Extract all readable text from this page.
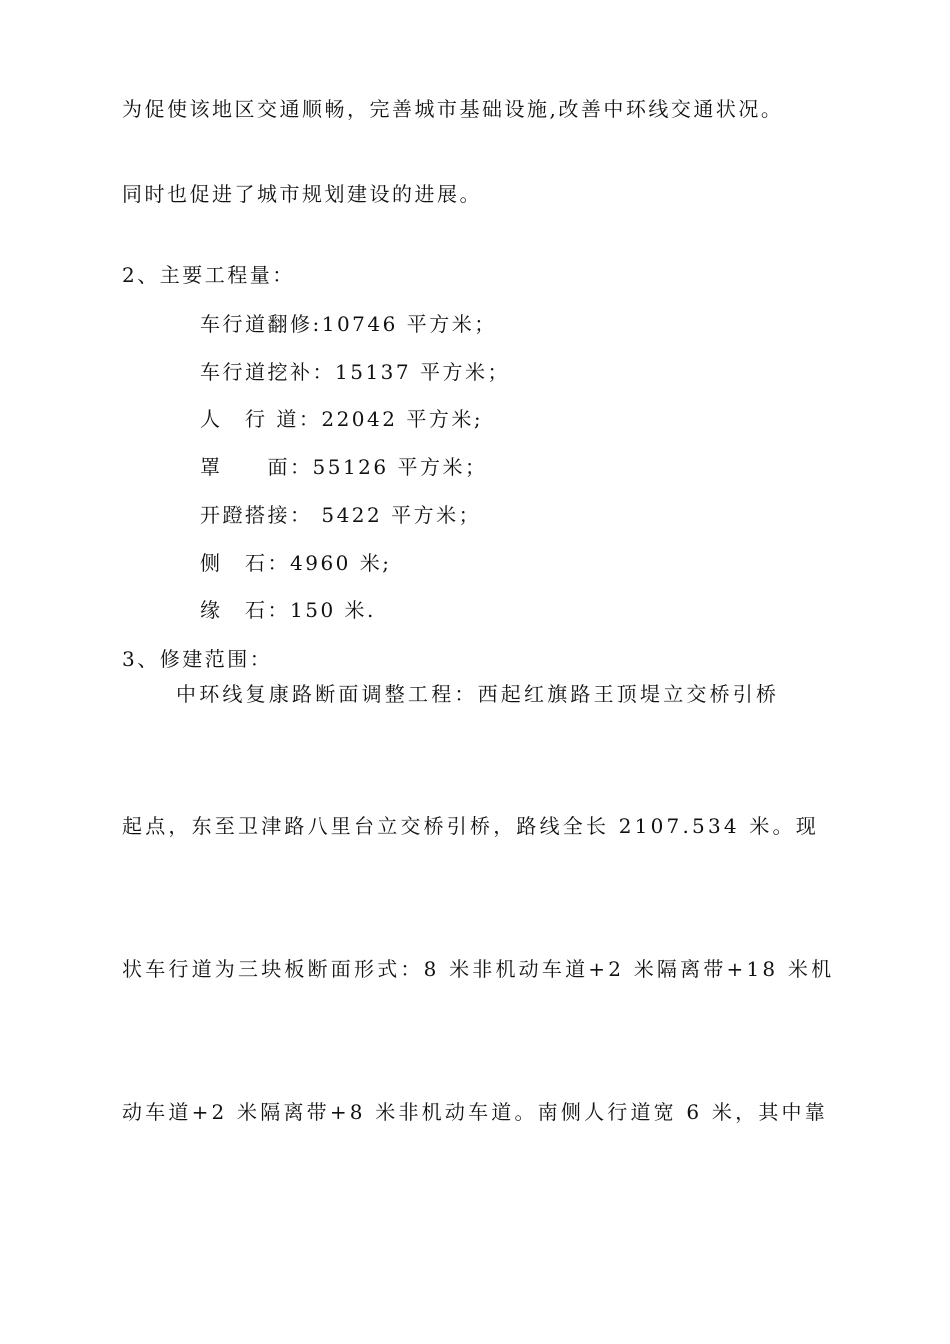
为促使该地区交通顺畅，完善城市基础设施,改善中环线交通状况。
同时也促进了城市规划建设的进展。
2、主要工程量：
车行道翻修:10746 平方米；
车行道挖补：15137 平方米；
人　行 道：22042 平方米;
罩　　面：55126 平方米；
开蹬搭接： 5422 平方米；
侧　石：4960 米;
缘　石：150 米.
3、修建范围：
中环线复康路断面调整工程：西起红旗路王顶堤立交桥引桥
起点，东至卫津路八里台立交桥引桥，路线全长 2107.534 米。现
状车行道为三块板断面形式：8 米非机动车道+2 米隔离带+18 米机
动车道+2 米隔离带+8 米非机动车道。南侧人行道宽 6 米，其中靠
